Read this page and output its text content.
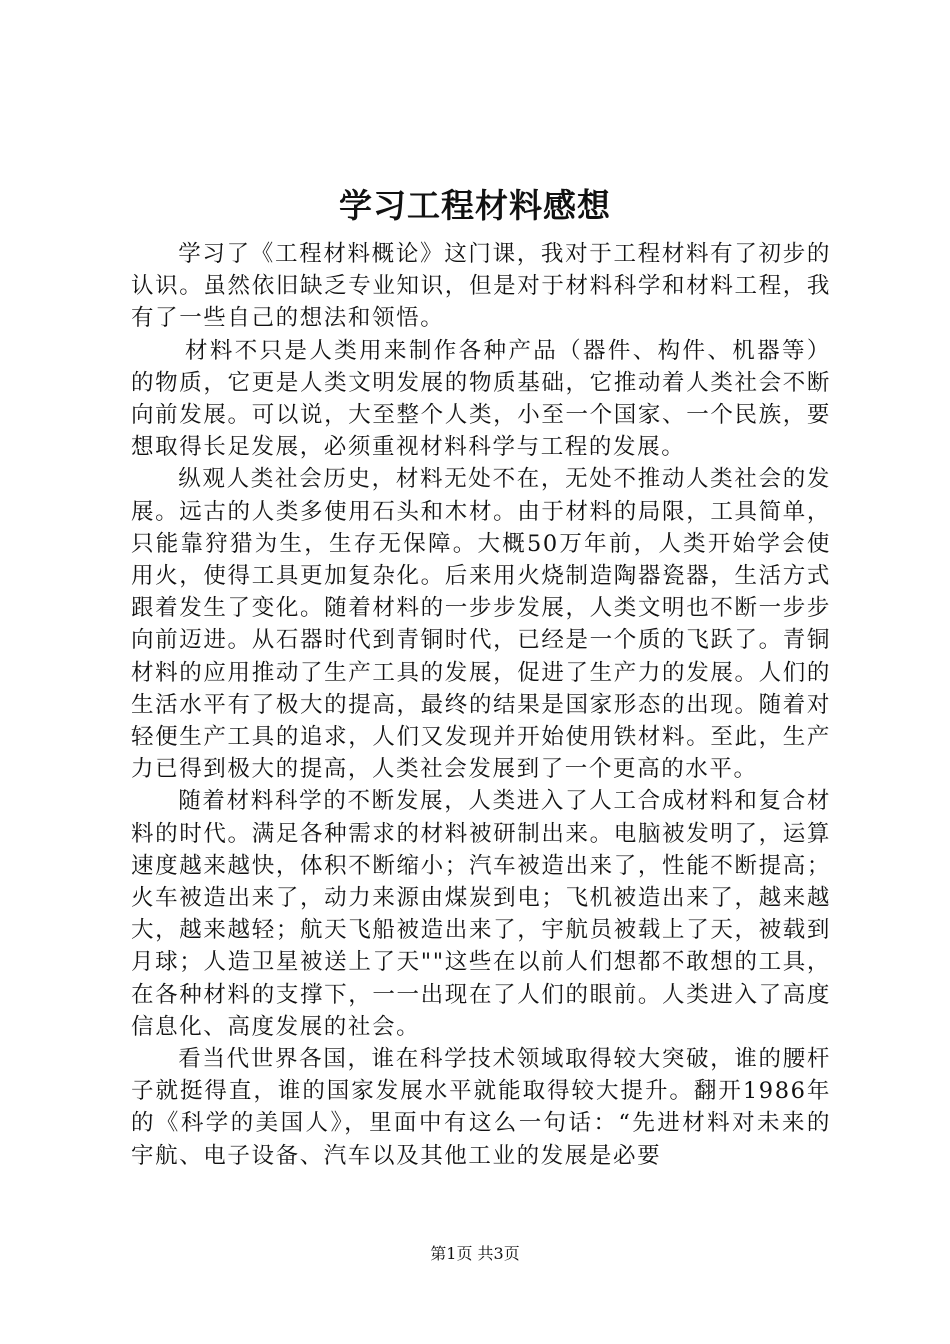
学习工程材料感想

学习了《工程材料概论》这门课，我对于工程材料有了初步的认识。虽然依旧缺乏专业知识，但是对于材料科学和材料工程，我有了一些自己的想法和领悟。

材料不只是人类用来制作各种产品（器件、构件、机器等）的物质，它更是人类文明发展的物质基础，它推动着人类社会不断向前发展。可以说，大至整个人类，小至一个国家、一个民族，要想取得长足发展，必须重视材料科学与工程的发展。

纵观人类社会历史，材料无处不在，无处不推动人类社会的发展。远古的人类多使用石头和木材。由于材料的局限，工具简单，只能靠狩猎为生，生存无保障。大概50万年前，人类开始学会使用火，使得工具更加复杂化。后来用火烧制造陶器瓷器，生活方式跟着发生了变化。随着材料的一步步发展，人类文明也不断一步步向前迈进。从石器时代到青铜时代，已经是一个质的飞跃了。青铜材料的应用推动了生产工具的发展，促进了生产力的发展。人们的生活水平有了极大的提高，最终的结果是国家形态的出现。随着对轻便生产工具的追求，人们又发现并开始使用铁材料。至此，生产力已得到极大的提高，人类社会发展到了一个更高的水平。

随着材料科学的不断发展，人类进入了人工合成材料和复合材料的时代。满足各种需求的材料被研制出来。电脑被发明了，运算速度越来越快，体积不断缩小；汽车被造出来了，性能不断提高；火车被造出来了，动力来源由煤炭到电；飞机被造出来了，越来越大，越来越轻；航天飞船被造出来了，宇航员被载上了天，被载到月球；人造卫星被送上了天""这些在以前人们想都不敢想的工具，在各种材料的支撑下，一一出现在了人们的眼前。人类进入了高度信息化、高度发展的社会。

看当代世界各国，谁在科学技术领域取得较大突破，谁的腰杆子就挺得直，谁的国家发展水平就能取得较大提升。翻开1986年的《科学的美国人》，里面中有这么一句话：“先进材料对未来的宇航、电子设备、汽车以及其他工业的发展是必要

第1页 共3页
